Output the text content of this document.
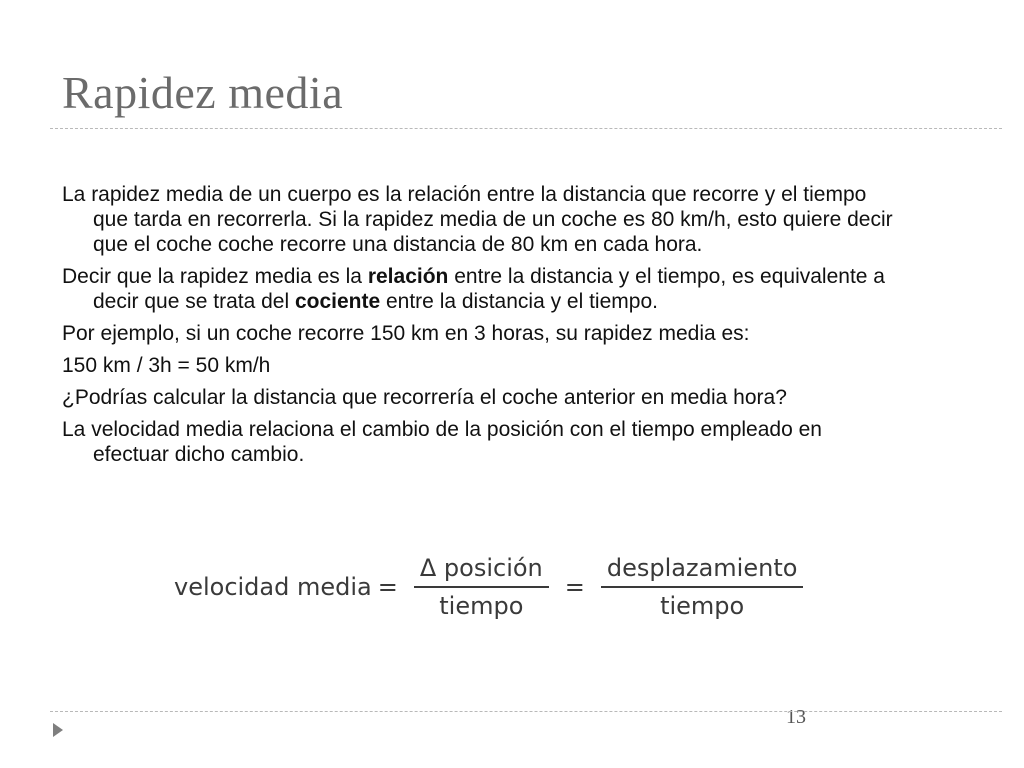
Rapidez media

La rapidez media de un cuerpo es la relación entre la distancia que recorre y el tiempo que tarda en recorrerla. Si la rapidez media de un coche es 80 km/h, esto quiere decir que el coche coche recorre una distancia de 80 km en cada hora.

Decir que la rapidez media es la relación entre la distancia y el tiempo, es equivalente a decir que se trata del cociente entre la distancia y el tiempo.

Por ejemplo, si un coche recorre 150 km en 3 horas, su rapidez media es:

150 km / 3h = 50 km/h

¿Podrías calcular la distancia que recorrería el coche anterior en media hora?

La velocidad media relaciona el cambio de la posición con el tiempo empleado en efectuar dicho cambio.

velocidad media = $\frac{\text{Δ posición}}{\text{tiempo}} = \frac{\text{desplazamiento}}{\text{tiempo}}$
13
